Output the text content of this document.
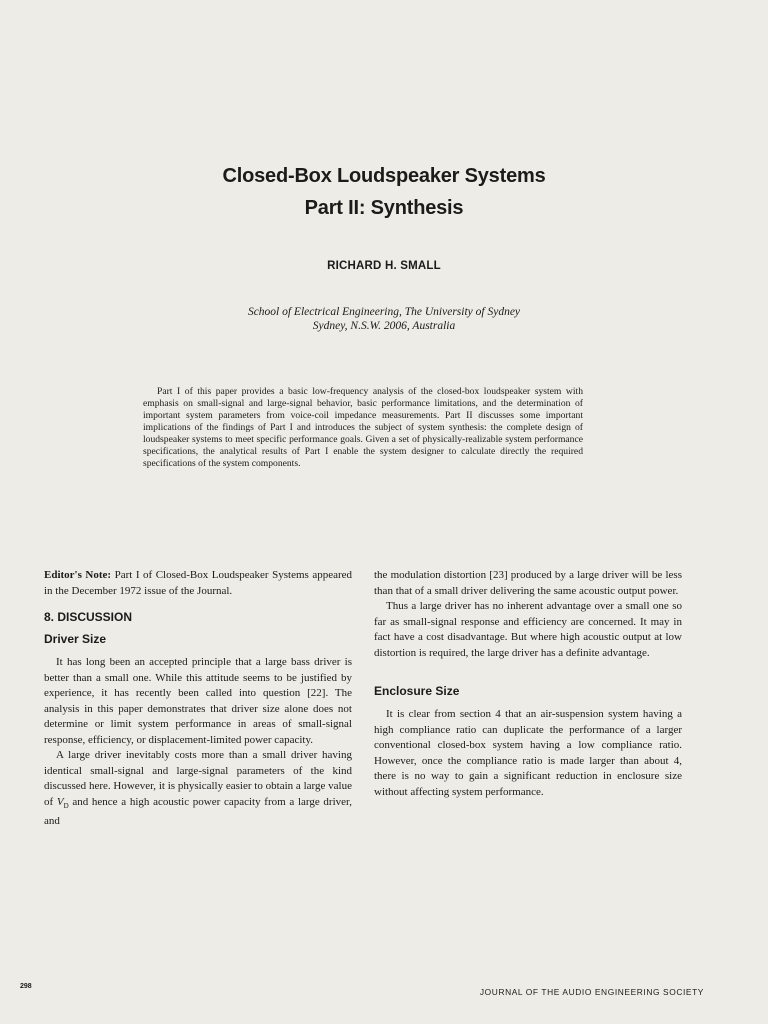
Closed-Box Loudspeaker Systems
Part II: Synthesis
RICHARD H. SMALL
School of Electrical Engineering, The University of Sydney
Sydney, N.S.W. 2006, Australia

Part I of this paper provides a basic low-frequency analysis of the closed-box loudspeaker system with emphasis on small-signal and large-signal behavior, basic performance limitations, and the determination of important system parameters from voice-coil impedance measurements. Part II discusses some important implications of the findings of Part I and introduces the subject of system synthesis: the complete design of loudspeaker systems to meet specific performance goals. Given a set of physically-realizable system performance specifications, the analytical results of Part I enable the system designer to calculate directly the required specifications of the system components.

Editor's Note: Part I of Closed-Box Loudspeaker Systems appeared in the December 1972 issue of the Journal.

8. DISCUSSION
Driver Size

It has long been an accepted principle that a large bass driver is better than a small one. While this attitude seems to be justified by experience, it has recently been called into question [22]. The analysis in this paper demonstrates that driver size alone does not determine or limit system performance in areas of small-signal response, efficiency, or displacement-limited power capacity.

A large driver inevitably costs more than a small driver having identical small-signal and large-signal parameters of the kind discussed here. However, it is physically easier to obtain a large value of $V_D$ and hence a high acoustic power capacity from a large driver, and

the modulation distortion [23] produced by a large driver will be less than that of a small driver delivering the same acoustic output power.

Thus a large driver has no inherent advantage over a small one so far as small-signal response and efficiency are concerned. It may in fact have a cost disadvantage. But where high acoustic output at low distortion is required, the large driver has a definite advantage.

Enclosure Size

It is clear from section 4 that an air-suspension system having a high compliance ratio can duplicate the performance of a larger conventional closed-box system having a low compliance ratio. However, once the compliance ratio is made larger than about 4, there is no way to gain a significant reduction in enclosure size without affecting system performance.

298
JOURNAL OF THE AUDIO ENGINEERING SOCIETY
